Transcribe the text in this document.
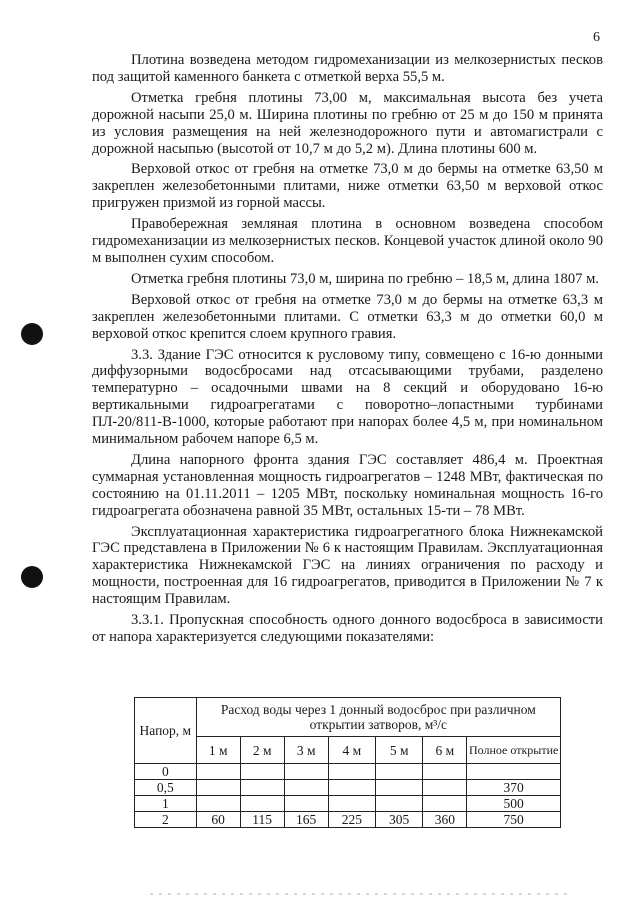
6

Плотина возведена методом гидромеханизации из мелкозернистых песков под защитой каменного банкета с отметкой верха 55,5 м.

Отметка гребня плотины 73,00 м, максимальная высота без учета дорожной насыпи 25,0 м. Ширина плотины по гребню от 25 м до 150 м принята из условия размещения на ней железнодорожного пути и автомагистрали с дорожной насыпью (высотой от 10,7 м до 5,2 м). Длина плотины 600 м.

Верховой откос от гребня на отметке 73,0 м до бермы на отметке 63,50 м закреплен железобетонными плитами, ниже отметки 63,50 м верховой откос пригружен призмой из горной массы.

Правобережная земляная плотина в основном возведена способом гидромеханизации из мелкозернистых песков. Концевой участок длиной около 90 м выполнен сухим способом.

Отметка гребня плотины 73,0 м, ширина по гребню – 18,5 м, длина 1807 м.

Верховой откос от гребня на отметке 73,0 м до бермы на отметке 63,3 м закреплен железобетонными плитами. С отметки 63,3 м до отметки 60,0 м верховой откос крепится слоем крупного гравия.

3.3. Здание ГЭС относится к русловому типу, совмещено с 16-ю донными диффузорными водосбросами над отсасывающими трубами, разделено температурно – осадочными швами на 8 секций и оборудовано 16-ю вертикальными гидроагрегатами с поворотно–лопастными турбинами ПЛ-20/811-В-1000, которые работают при напорах более 4,5 м, при номинальном минимальном рабочем напоре 6,5 м.

Длина напорного фронта здания ГЭС составляет 486,4 м. Проектная суммарная установленная мощность гидроагрегатов – 1248 МВт, фактическая по состоянию на 01.11.2011 – 1205 МВт, поскольку номинальная мощность 16-го гидроагрегата обозначена равной 35 МВт, остальных 15-ти – 78 МВт.

Эксплуатационная характеристика гидроагрегатного блока Нижнекамской ГЭС представлена в Приложении № 6 к настоящим Правилам. Эксплуатационная характеристика Нижнекамской ГЭС на линиях ограничения по расходу и мощности, построенная для 16 гидроагрегатов, приводится в Приложении № 7 к настоящим Правилам.

3.3.1. Пропускная способность одного донного водосброса в зависимости от напора характеризуется следующими показателями:

Напор, м	Расход воды через 1 донный водосброс при различном открытии затворов, м³/с						
	1 м	2 м	3 м	4 м	5 м	6 м	Полное открытие
0							
0,5							370
1							500
2	60	115	165	225	305	360	750
